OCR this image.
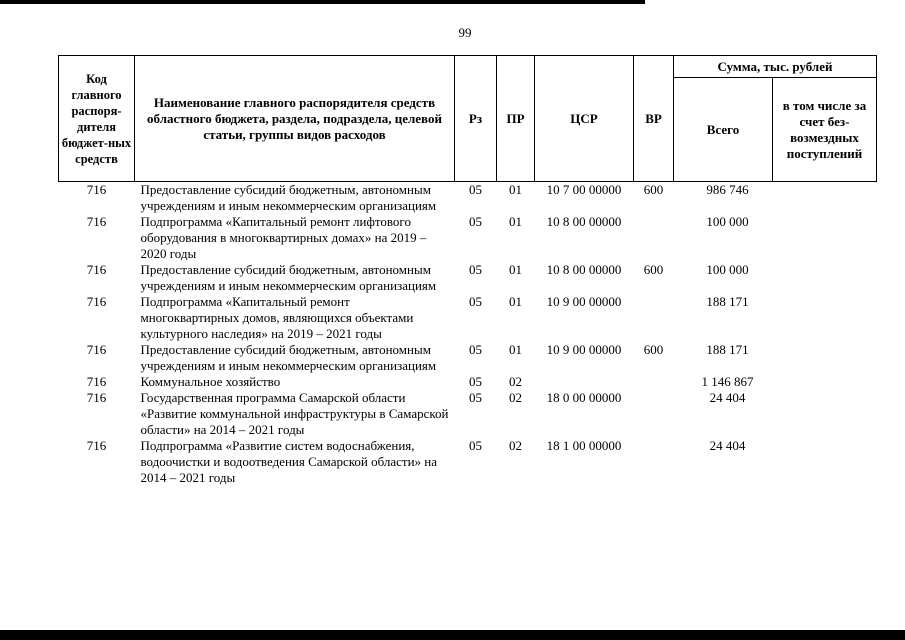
99
Код главного распоря-дителя бюджет-ных средств	Наименование главного распорядителя средств областного бюджета, раздела, подраздела, целевой статьи, группы видов расходов	Рз	ПР	ЦСР	ВР	Сумма, тыс. рублей	
						Всего	в том числе за счет без-возмездных поступлений
716	Предоставление субсидий бюджетным, автономным учреждениям и иным некоммерческим организациям	05	01	10 7 00 00000	600	986 746	
716	Подпрограмма «Капитальный ремонт лифтового оборудования в многоквартирных домах» на 2019 – 2020 годы	05	01	10 8 00 00000		100 000	
716	Предоставление субсидий бюджетным, автономным учреждениям и иным некоммерческим организациям	05	01	10 8 00 00000	600	100 000	
716	Подпрограмма «Капитальный ремонт многоквартирных домов, являющихся объектами культурного наследия» на 2019 – 2021 годы	05	01	10 9 00 00000		188 171	
716	Предоставление субсидий бюджетным, автономным учреждениям и иным некоммерческим организациям	05	01	10 9 00 00000	600	188 171	
716	Коммунальное хозяйство	05	02			1 146 867	
716	Государственная программа Самарской области «Развитие коммунальной инфраструктуры в Самарской области» на 2014 – 2021 годы	05	02	18 0 00 00000		24 404	
716	Подпрограмма «Развитие систем водоснабжения, водоочистки и водоотведения Самарской области» на 2014 – 2021 годы	05	02	18 1 00 00000		24 404	
